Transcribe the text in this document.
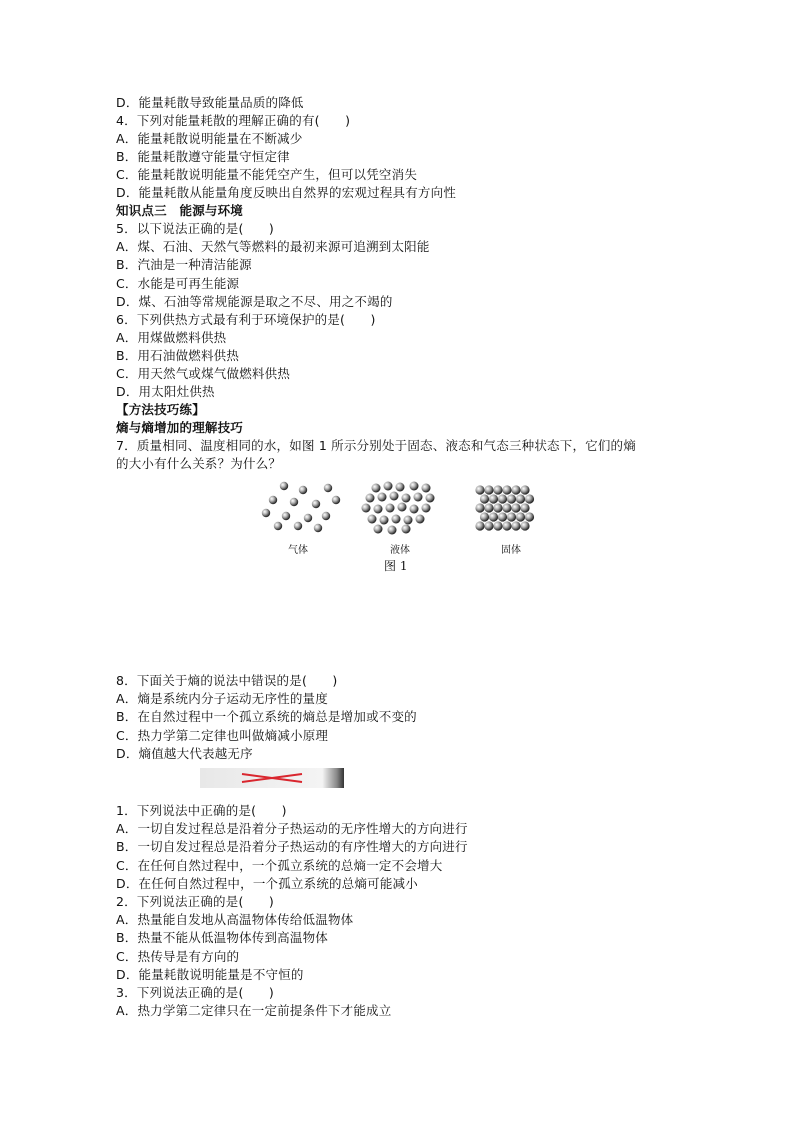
D．能量耗散导致能量品质的降低
4．下列对能量耗散的理解正确的有(　　)
A．能量耗散说明能量在不断减少
B．能量耗散遵守能量守恒定律
C．能量耗散说明能量不能凭空产生，但可以凭空消失
D．能量耗散从能量角度反映出自然界的宏观过程具有方向性
知识点三　能源与环境
5．以下说法正确的是(　　)
A．煤、石油、天然气等燃料的最初来源可追溯到太阳能
B．汽油是一种清洁能源
C．水能是可再生能源
D．煤、石油等常规能源是取之不尽、用之不竭的
6．下列供热方式最有利于环境保护的是(　　)
A．用煤做燃料供热
B．用石油做燃料供热
C．用天然气或煤气做燃料供热
D．用太阳灶供热
【方法技巧练】
熵与熵增加的理解技巧
7．质量相同、温度相同的水，如图 1 所示分别处于固态、液态和气态三种状态下，它们的熵
的大小有什么关系？为什么？
气体	液体	固体
图 1
8．下面关于熵的说法中错误的是(　　)
A．熵是系统内分子运动无序性的量度
B．在自然过程中一个孤立系统的熵总是增加或不变的
C．热力学第二定律也叫做熵减小原理
D．熵值越大代表越无序
1．下列说法中正确的是(　　)
A．一切自发过程总是沿着分子热运动的无序性增大的方向进行
B．一切自发过程总是沿着分子热运动的有序性增大的方向进行
C．在任何自然过程中，一个孤立系统的总熵一定不会增大
D．在任何自然过程中，一个孤立系统的总熵可能减小
2．下列说法正确的是(　　)
A．热量能自发地从高温物体传给低温物体
B．热量不能从低温物体传到高温物体
C．热传导是有方向的
D．能量耗散说明能量是不守恒的
3．下列说法正确的是(　　)
A．热力学第二定律只在一定前提条件下才能成立
